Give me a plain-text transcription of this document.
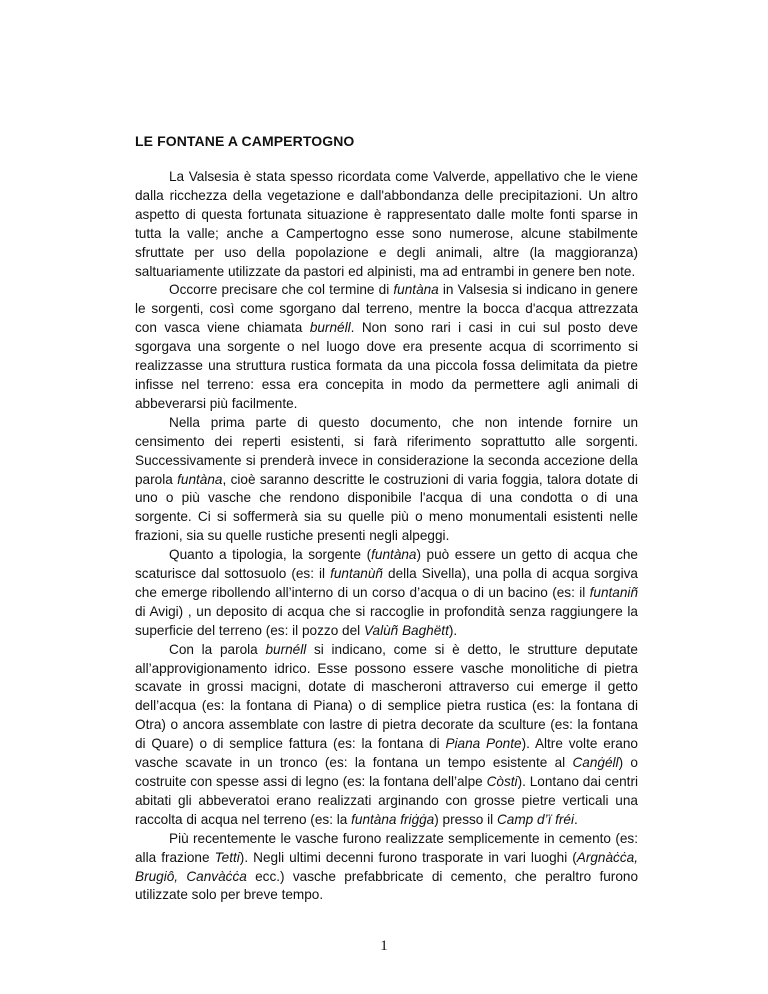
LE FONTANE A CAMPERTOGNO

La Valsesia è stata spesso ricordata come Valverde, appellativo che le viene dalla ricchezza della vegetazione e dall'abbondanza delle precipitazioni. Un altro aspetto di questa fortunata situazione è rappresentato dalle molte fonti sparse in tutta la valle; anche a Campertogno esse sono numerose, alcune stabilmente sfruttate per uso della popolazione e degli animali, altre (la maggioranza) saltuariamente utilizzate da pastori ed alpinisti, ma ad entrambi in genere ben note.

Occorre precisare che col termine di funtàna in Valsesia si indicano in genere le sorgenti, così come sgorgano dal terreno, mentre la bocca d'acqua attrezzata con vasca viene chiamata burnéll. Non sono rari i casi in cui sul posto deve sgorgava una sorgente o nel luogo dove era presente acqua di scorrimento si realizzasse una struttura rustica formata da una piccola fossa delimitata da pietre infisse nel terreno: essa era concepita in modo da permettere agli animali di abbeverarsi più facilmente.

Nella prima parte di questo documento, che non intende fornire un censimento dei reperti esistenti, si farà riferimento soprattutto alle sorgenti. Successivamente si prenderà invece in considerazione la seconda accezione della parola funtàna, cioè saranno descritte le costruzioni di varia foggia, talora dotate di uno o più vasche che rendono disponibile l'acqua di una condotta o di una sorgente. Ci si soffermerà sia su quelle più o meno monumentali esistenti nelle frazioni, sia su quelle rustiche presenti negli alpeggi.

Quanto a tipologia, la sorgente (funtàna) può essere un getto di acqua che scaturisce dal sottosuolo (es: il funtanùñ della Sivella), una polla di acqua sorgiva che emerge ribollendo all’interno di un corso d’acqua o di un bacino (es: il funtaniñ di Avigi) , un deposito di acqua che si raccoglie in profondità senza raggiungere la superficie del terreno (es: il pozzo del Valùñ Baghëtt).

Con la parola burnéll si indicano, come si è detto, le strutture deputate all’approvigionamento idrico. Esse possono essere vasche monolitiche di pietra scavate in grossi macigni, dotate di mascheroni attraverso cui emerge il getto dell’acqua (es: la fontana di Piana) o di semplice pietra rustica (es: la fontana di Otra) o ancora assemblate con lastre di pietra decorate da sculture (es: la fontana di Quare) o di semplice fattura (es: la fontana di Piana Ponte). Altre volte erano vasche scavate in un tronco (es: la fontana un tempo esistente al Canġéll) o costruite con spesse assi di legno (es: la fontana dell’alpe Còsti). Lontano dai centri abitati gli abbeveratoi erano realizzati arginando con grosse pietre verticali una raccolta di acqua nel terreno (es: la funtàna friġġa) presso il Camp d’ï fréi.

Più recentemente le vasche furono realizzate semplicemente in cemento (es: alla frazione Tetti). Negli ultimi decenni furono trasporate in vari luoghi (Argnàċċa, Brugiô, Canvàċċa ecc.) vasche prefabbricate di cemento, che peraltro furono utilizzate solo per breve tempo.

1
